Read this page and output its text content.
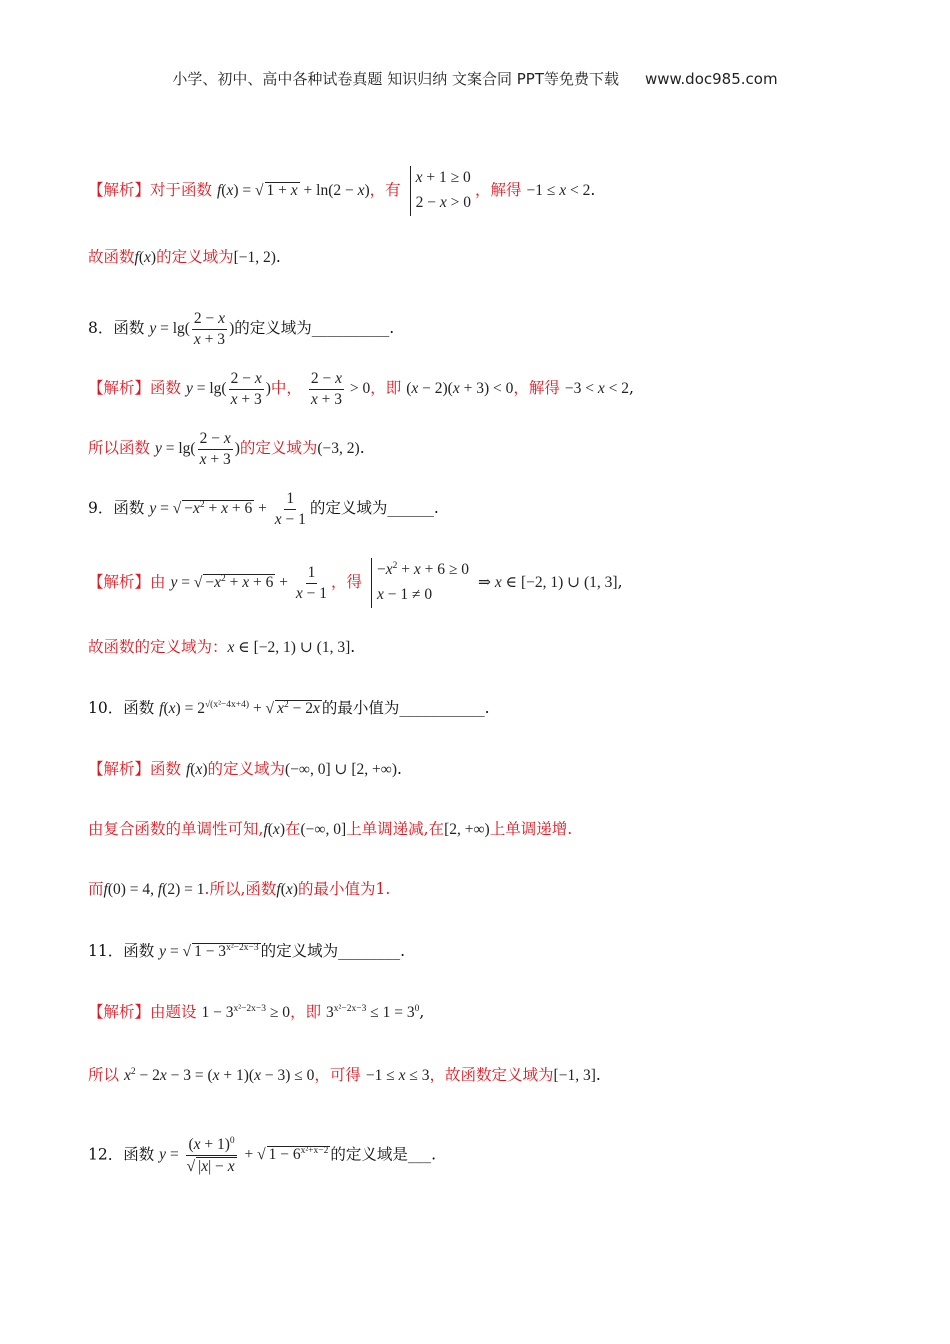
小学、初中、高中各种试卷真题 知识归纳 文案合同 PPT等免费下载 www.doc985.com
【解析】对于函数 f(x) = √ 1 + x + ln(2 − x)，有
x + 1 ≥ 0
2 − x > 0
，解得 −1 ≤ x < 2.
故函数f(x)的定义域为[−1, 2).
8．函数 $y = \lg( \frac{2 - x}{x + 3}$ )的定义域为__________.
【解析】函数 $y = \lg( \frac{2 - x}{x + 3}$ )中， $\frac{2 - x}{x + 3} > 0$，即 (x − 2)(x + 3) < 0，解得 −3 < x < 2,
所以函数 $y = \lg( \frac{2 - x}{x + 3}$ )的定义域为(−3, 2).
9．函数 y = √ $-x^2 + x + 6 + \frac{1}{x - 1}$ 的定义域为______.
【解析】由 y = √ $-x^2 + x + 6 + \frac{1}{x - 1}$ ，得
$-x^2 + x + 6 \ge 0$
x − 1 ≠ 0
⇒ x ∈ [−2, 1) ∪ (1, 3],
故函数的定义域为：x ∈ [−2, 1) ∪ (1, 3].
10．函数 $f(x) = 2^{√(x^2-4x+4)}$ + √ $x^2 - 2x$ 的最小值为___________.
【解析】函数 f(x)的定义域为(−∞, 0] ∪ [2, +∞).
由复合函数的单调性可知,f(x)在(−∞, 0]上单调递减,在[2, +∞)上单调递增.
而f(0) = 4, f(2) = 1.所以,函数f(x)的最小值为1.
11．函数 y = √ $1 - 3^{x^2-2x-3}$ 的定义域为________.
【解析】由题设 $1 - 3^{x^2-2x-3} \ge 0$，即 $3^{x^2-2x-3} \le 1 = 3^0$,
所以 $x^2 - 2x - 3 = (x + 1)(x - 3) \le 0$，可得 −1 ≤ x ≤ 3，故函数定义域为[−1, 3].
12．函数 $y = \frac{(x + 1)^0}{√ |x| - x}$ + √ $1 - 6^{x^2+x-2}$ 的定义域是___.
